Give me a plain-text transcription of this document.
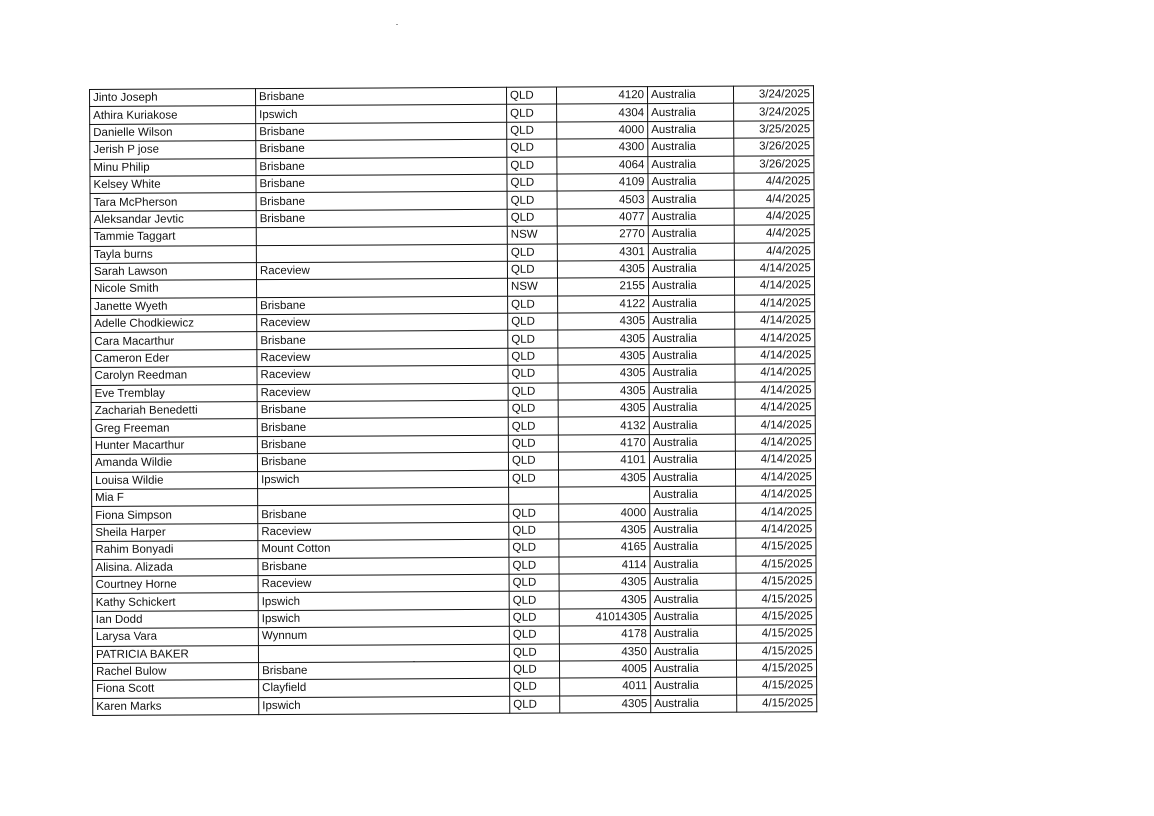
Jinto Joseph	Brisbane	QLD	4120	Australia	3/24/2025
Athira Kuriakose	Ipswich	QLD	4304	Australia	3/24/2025
Danielle Wilson	Brisbane	QLD	4000	Australia	3/25/2025
Jerish P jose	Brisbane	QLD	4300	Australia	3/26/2025
Minu Philip	Brisbane	QLD	4064	Australia	3/26/2025
Kelsey White	Brisbane	QLD	4109	Australia	4/4/2025
Tara McPherson	Brisbane	QLD	4503	Australia	4/4/2025
Aleksandar Jevtic	Brisbane	QLD	4077	Australia	4/4/2025
Tammie Taggart		NSW	2770	Australia	4/4/2025
Tayla burns		QLD	4301	Australia	4/4/2025
Sarah Lawson	Raceview	QLD	4305	Australia	4/14/2025
Nicole Smith		NSW	2155	Australia	4/14/2025
Janette Wyeth	Brisbane	QLD	4122	Australia	4/14/2025
Adelle Chodkiewicz	Raceview	QLD	4305	Australia	4/14/2025
Cara Macarthur	Brisbane	QLD	4305	Australia	4/14/2025
Cameron Eder	Raceview	QLD	4305	Australia	4/14/2025
Carolyn Reedman	Raceview	QLD	4305	Australia	4/14/2025
Eve Tremblay	Raceview	QLD	4305	Australia	4/14/2025
Zachariah Benedetti	Brisbane	QLD	4305	Australia	4/14/2025
Greg Freeman	Brisbane	QLD	4132	Australia	4/14/2025
Hunter Macarthur	Brisbane	QLD	4170	Australia	4/14/2025
Amanda Wildie	Brisbane	QLD	4101	Australia	4/14/2025
Louisa Wildie	Ipswich	QLD	4305	Australia	4/14/2025
Mia F				Australia	4/14/2025
Fiona Simpson	Brisbane	QLD	4000	Australia	4/14/2025
Sheila Harper	Raceview	QLD	4305	Australia	4/14/2025
Rahim Bonyadi	Mount Cotton	QLD	4165	Australia	4/15/2025
Alisina. Alizada	Brisbane	QLD	4114	Australia	4/15/2025
Courtney Horne	Raceview	QLD	4305	Australia	4/15/2025
Kathy Schickert	Ipswich	QLD	4305	Australia	4/15/2025
Ian Dodd	Ipswich	QLD	41014305	Australia	4/15/2025
Larysa Vara	Wynnum	QLD	4178	Australia	4/15/2025
PATRICIA BAKER		QLD	4350	Australia	4/15/2025
Rachel Bulow	Brisbane	QLD	4005	Australia	4/15/2025
Fiona Scott	Clayfield	QLD	4011	Australia	4/15/2025
Karen Marks	Ipswich	QLD	4305	Australia	4/15/2025
